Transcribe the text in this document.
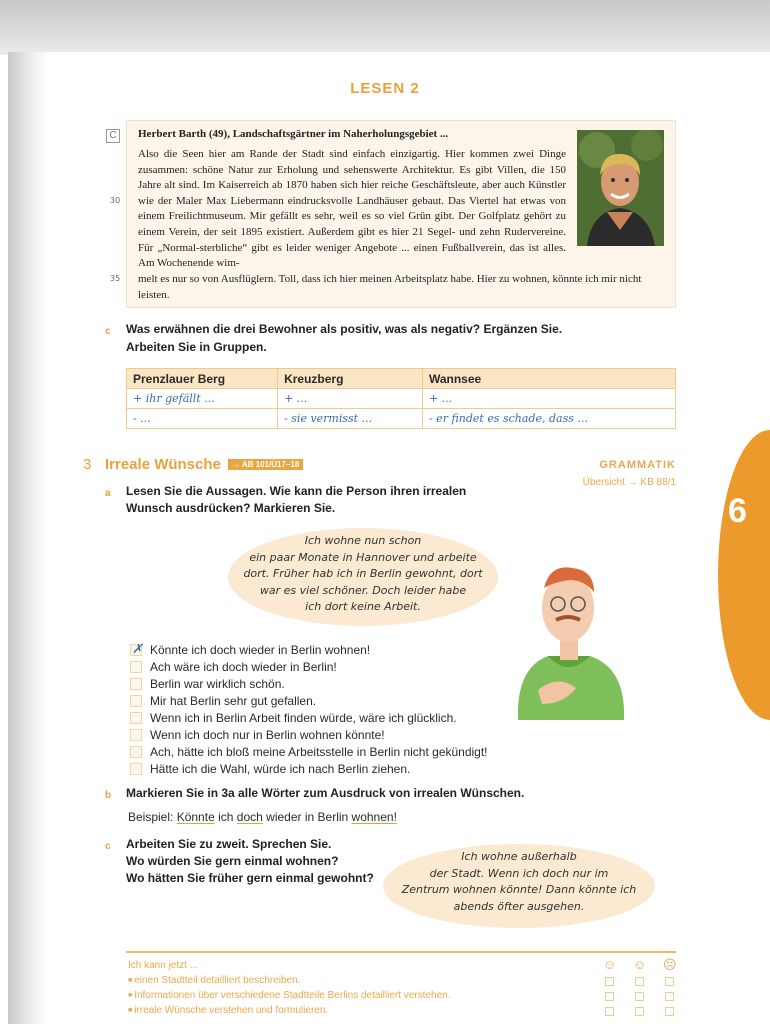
6
LESEN 2
C	Herbert Barth (49), Landschaftsgärtner im Naherholungsgebiet ...
Also die Seen hier am Rande der Stadt sind einfach einzigartig. Hier kommen zwei Dinge zusammen: schöne Natur zur Erholung und sehenswerte Architektur. Es gibt Villen, die 150 Jahre alt sind. Im Kaiserreich ab 1870 haben sich hier reiche Geschäftsleute, aber auch Künstler wie der Maler Max Liebermann eindrucksvolle Landhäuser gebaut. Das Viertel hat etwas von einem Freilichtmuseum. Mir gefällt es sehr, weil es so viel Grün gibt. Der Golfplatz gehört zu einem Verein, der seit 1895 existiert. Außerdem gibt es hier 21 Segel- und zehn Rudervereine. Für „Normal-sterbliche“ gibt es leider weniger Angebote ... einen Fußballverein, das ist alles. Am Wochenende wim-
melt es nur so von Ausflüglern. Toll, dass ich hier meinen Arbeitsplatz habe. Hier zu wohnen, könnte ich mir nicht leisten.
30
35
c Was erwähnen die drei Bewohner als positiv, was als negativ? Ergänzen Sie.
Arbeiten Sie in Gruppen.
Prenzlauer Berg	Kreuzberg	Wannsee
+ ihr gefällt ...	+ ...	+ ...
- ...	- sie vermisst ...	- er findet es schade, dass ...
3 Irreale Wünsche	→ AB 101/Ü17–18	GRAMMATIK
Übersicht → KB 88/1
a Lesen Sie die Aussagen. Wie kann die Person ihren irrealen
Wunsch ausdrücken? Markieren Sie.
Ich wohne nun schon
ein paar Monate in Hannover und arbeite
dort. Früher hab ich in Berlin gewohnt, dort
war es viel schöner. Doch leider habe
ich dort keine Arbeit.
✗ Könnte ich doch wieder in Berlin wohnen!
Ach wäre ich doch wieder in Berlin!
Berlin war wirklich schön.
Mir hat Berlin sehr gut gefallen.
Wenn ich in Berlin Arbeit finden würde, wäre ich glücklich.
Wenn ich doch nur in Berlin wohnen könnte!
Ach, hätte ich bloß meine Arbeitsstelle in Berlin nicht gekündigt!
Hätte ich die Wahl, würde ich nach Berlin ziehen.
b Markieren Sie in 3a alle Wörter zum Ausdruck von irrealen Wünschen.
Beispiel: Könnte ich doch wieder in Berlin wohnen!
c Arbeiten Sie zu zweit. Sprechen Sie.
Wo würden Sie gern einmal wohnen?
Wo hätten Sie früher gern einmal gewohnt?
Ich wohne außerhalb
der Stadt. Wenn ich doch nur im
Zentrum wohnen könnte! Dann könnte ich
abends öfter ausgehen.
Ich kann jetzt ...
■ einen Stadtteil detailliert beschreiben.
■ Informationen über verschiedene Stadtteile Berlins detailliert verstehen.
■ irreale Wünsche verstehen und formulieren.
☺ ☺ ☹
